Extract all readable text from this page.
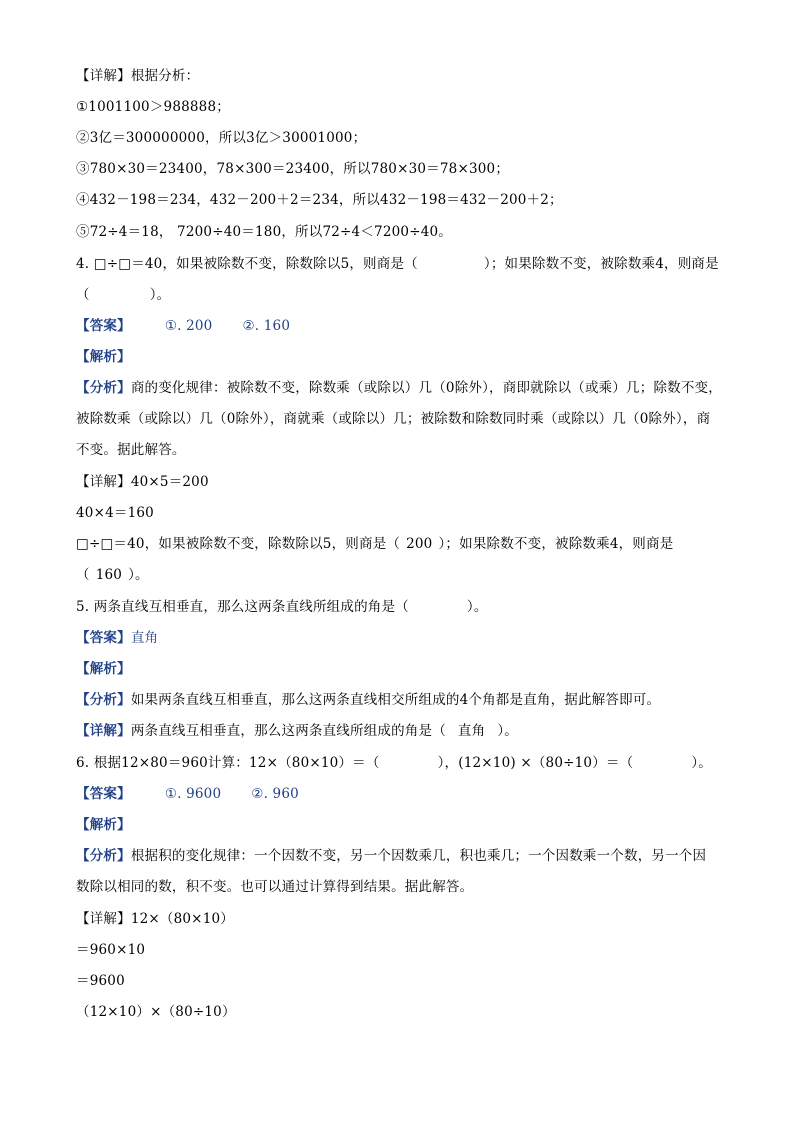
【详解】根据分析：
①1001100＞988888；
②3亿＝300000000，所以3亿＞30001000；
③780×30＝23400，78×300＝23400，所以780×30＝78×300；
④432－198＝234，432－200＋2＝234，所以432－198＝432－200＋2；
⑤72÷4＝18， 7200÷40＝180，所以72÷4＜7200÷40。
4. □÷□＝40，如果被除数不变，除数除以5，则商是（	）；如果除数不变，被除数乘4，则商是
（	）。
【答案】	①. 200 ②. 160
【解析】
【分析】商的变化规律：被除数不变，除数乘（或除以）几（0除外），商即就除以（或乘）几；除数不变，
被除数乘（或除以）几（0除外），商就乘（或除以）几；被除数和除数同时乘（或除以）几（0除外），商
不变。据此解答。
【详解】40×5＝200
40×4＝160
□÷□＝40，如果被除数不变，除数除以5，则商是（ 200 ）；如果除数不变，被除数乘4，则商是
（ 160 ）。
5. 两条直线互相垂直，那么这两条直线所组成的角是（	）。
【答案】直角
【解析】
【分析】如果两条直线互相垂直，那么这两条直线相交所组成的4个角都是直角，据此解答即可。
【详解】两条直线互相垂直，那么这两条直线所组成的角是（ 直角 ）。
6. 根据12×80＝960计算：12×（80×10）＝（	），(12×10) ×（80÷10）＝（	）。
【答案】	①. 9600 ②. 960
【解析】
【分析】根据积的变化规律：一个因数不变，另一个因数乘几，积也乘几；一个因数乘一个数，另一个因
数除以相同的数，积不变。也可以通过计算得到结果。据此解答。
【详解】12×（80×10）
＝960×10
＝9600
（12×10）×（80÷10）
